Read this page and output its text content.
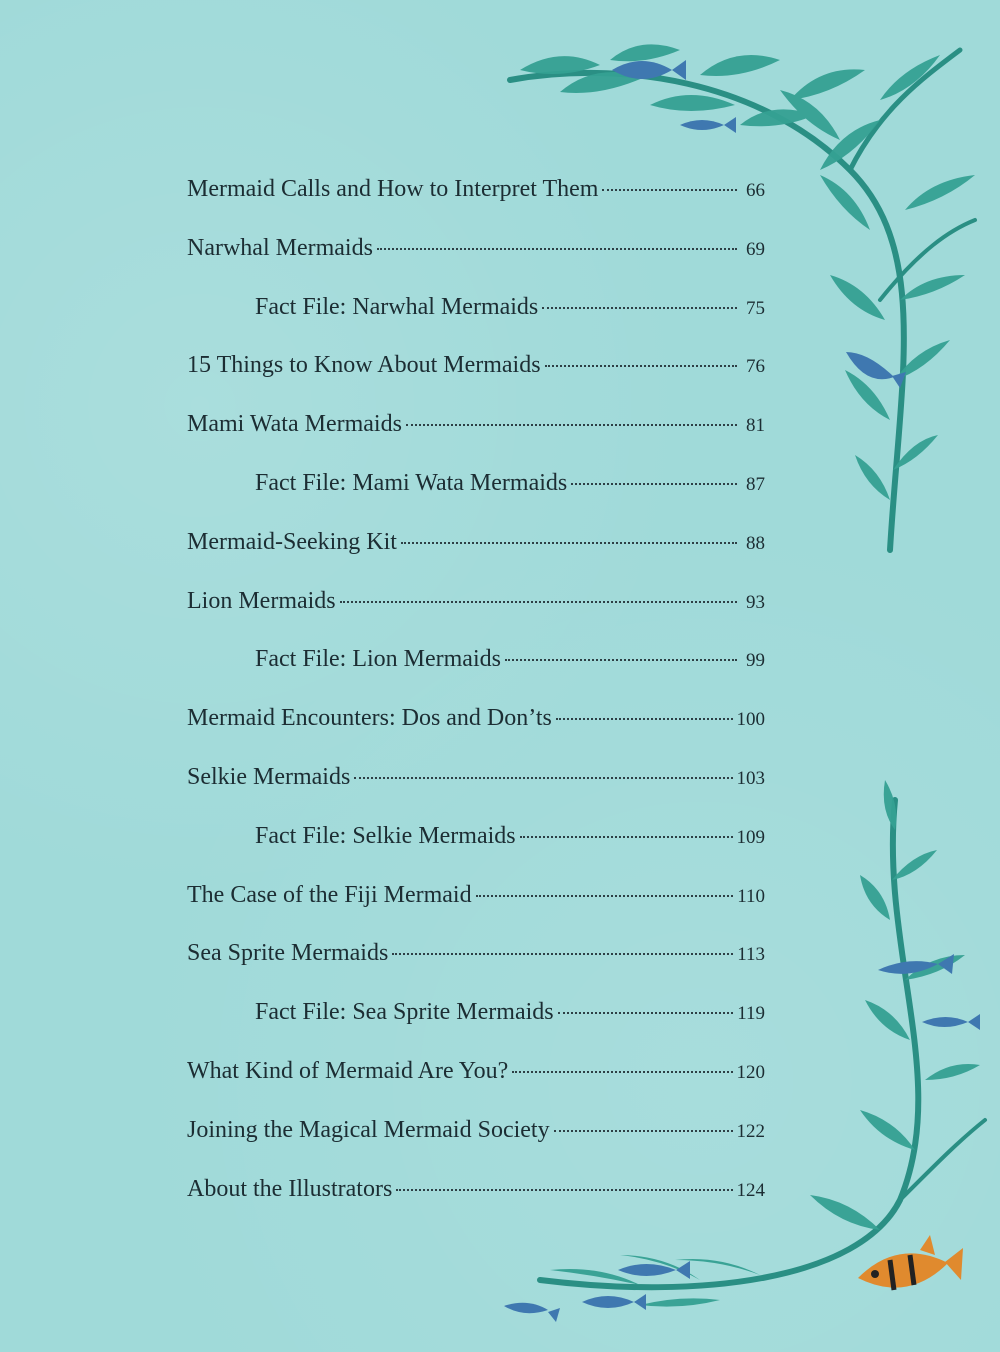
Mermaid Calls and How to Interpret Them	66
Narwhal Mermaids	69
Fact File: Narwhal Mermaids	75
15 Things to Know About Mermaids	76
Mami Wata Mermaids	81
Fact File: Mami Wata Mermaids	87
Mermaid-Seeking Kit	88
Lion Mermaids	93
Fact File: Lion Mermaids	99
Mermaid Encounters: Dos and Don’ts	100
Selkie Mermaids	103
Fact File: Selkie Mermaids	109
The Case of the Fiji Mermaid	110
Sea Sprite Mermaids	113
Fact File: Sea Sprite Mermaids	119
What Kind of Mermaid Are You?	120
Joining the Magical Mermaid Society	122
About the Illustrators	124
